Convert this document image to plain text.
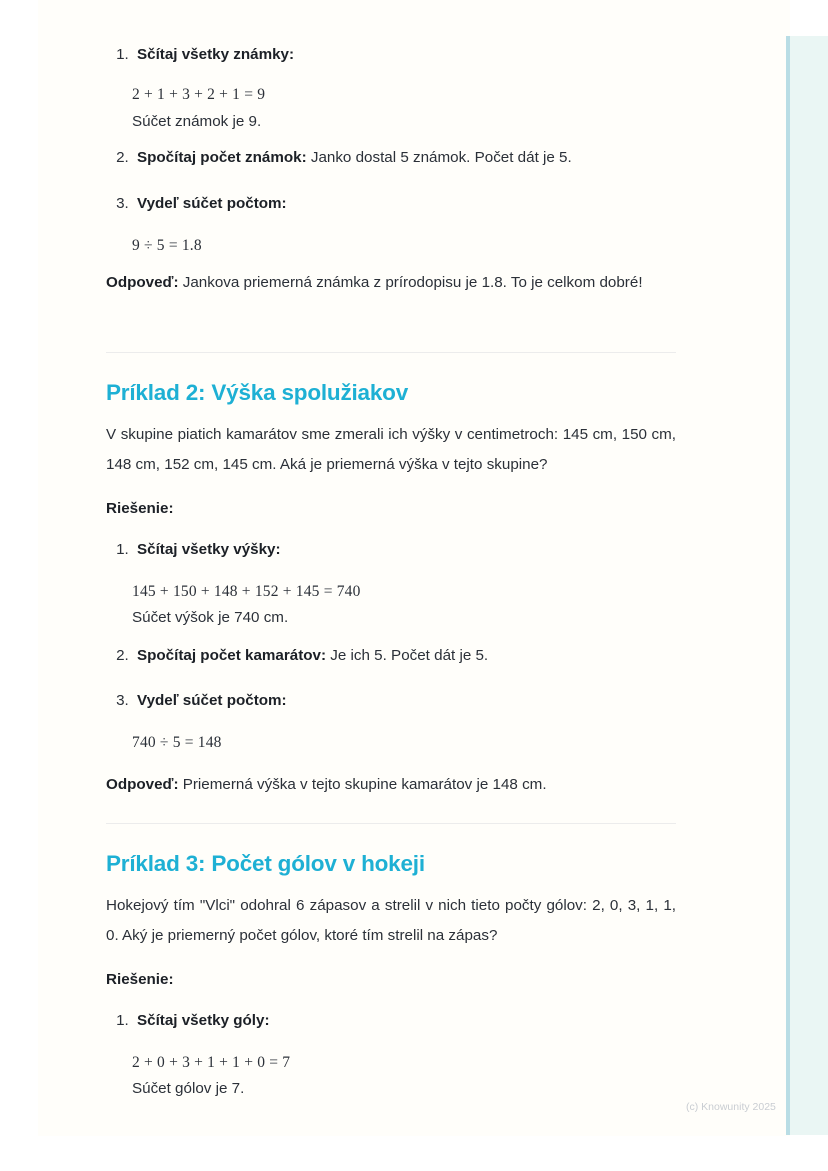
1. Sčítaj všetky známky:
2 + 1 + 3 + 2 + 1 = 9
Súčet známok je 9.
2. Spočítaj počet známok: Janko dostal 5 známok. Počet dát je 5.
3. Vydeľ súčet počtom:
9 ÷ 5 = 1.8

Odpoveď: Jankova priemerná známka z prírodopisu je 1.8. To je celkom dobré!

Príklad 2: Výška spolužiakov

V skupine piatich kamarátov sme zmerali ich výšky v centimetroch: 145 cm, 150 cm, 148 cm, 152 cm, 145 cm. Aká je priemerná výška v tejto skupine?

Riešenie:

1. Sčítaj všetky výšky:
145 + 150 + 148 + 152 + 145 = 740
Súčet výšok je 740 cm.
2. Spočítaj počet kamarátov: Je ich 5. Počet dát je 5.
3. Vydeľ súčet počtom:
740 ÷ 5 = 148

Odpoveď: Priemerná výška v tejto skupine kamarátov je 148 cm.

Príklad 3: Počet gólov v hokeji

Hokejový tím "Vlci" odohral 6 zápasov a strelil v nich tieto počty gólov: 2, 0, 3, 1, 1, 0. Aký je priemerný počet gólov, ktoré tím strelil na zápas?

Riešenie:

1. Sčítaj všetky góly:
2 + 0 + 3 + 1 + 1 + 0 = 7
Súčet gólov je 7.
(c) Knowunity 2025
